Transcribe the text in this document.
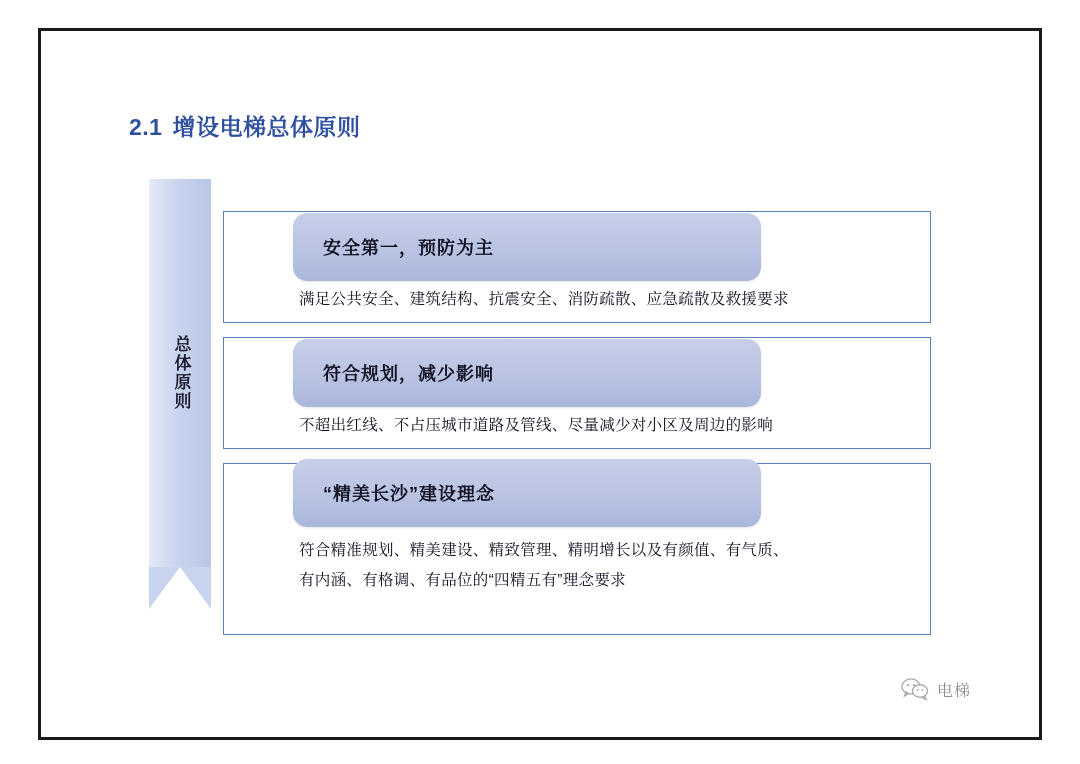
2.1 增设电梯总体原则
总体原则
安全第一，预防为主

满足公共安全、建筑结构、抗震安全、消防疏散、应急疏散及救援要求

符合规划，减少影响

不超出红线、不占压城市道路及管线、尽量减少对小区及周边的影响

“精美长沙”建设理念

符合精准规划、精美建设、精致管理、精明增长以及有颜值、有气质、

有内涵、有格调、有品位的“四精五有”理念要求

电梯
